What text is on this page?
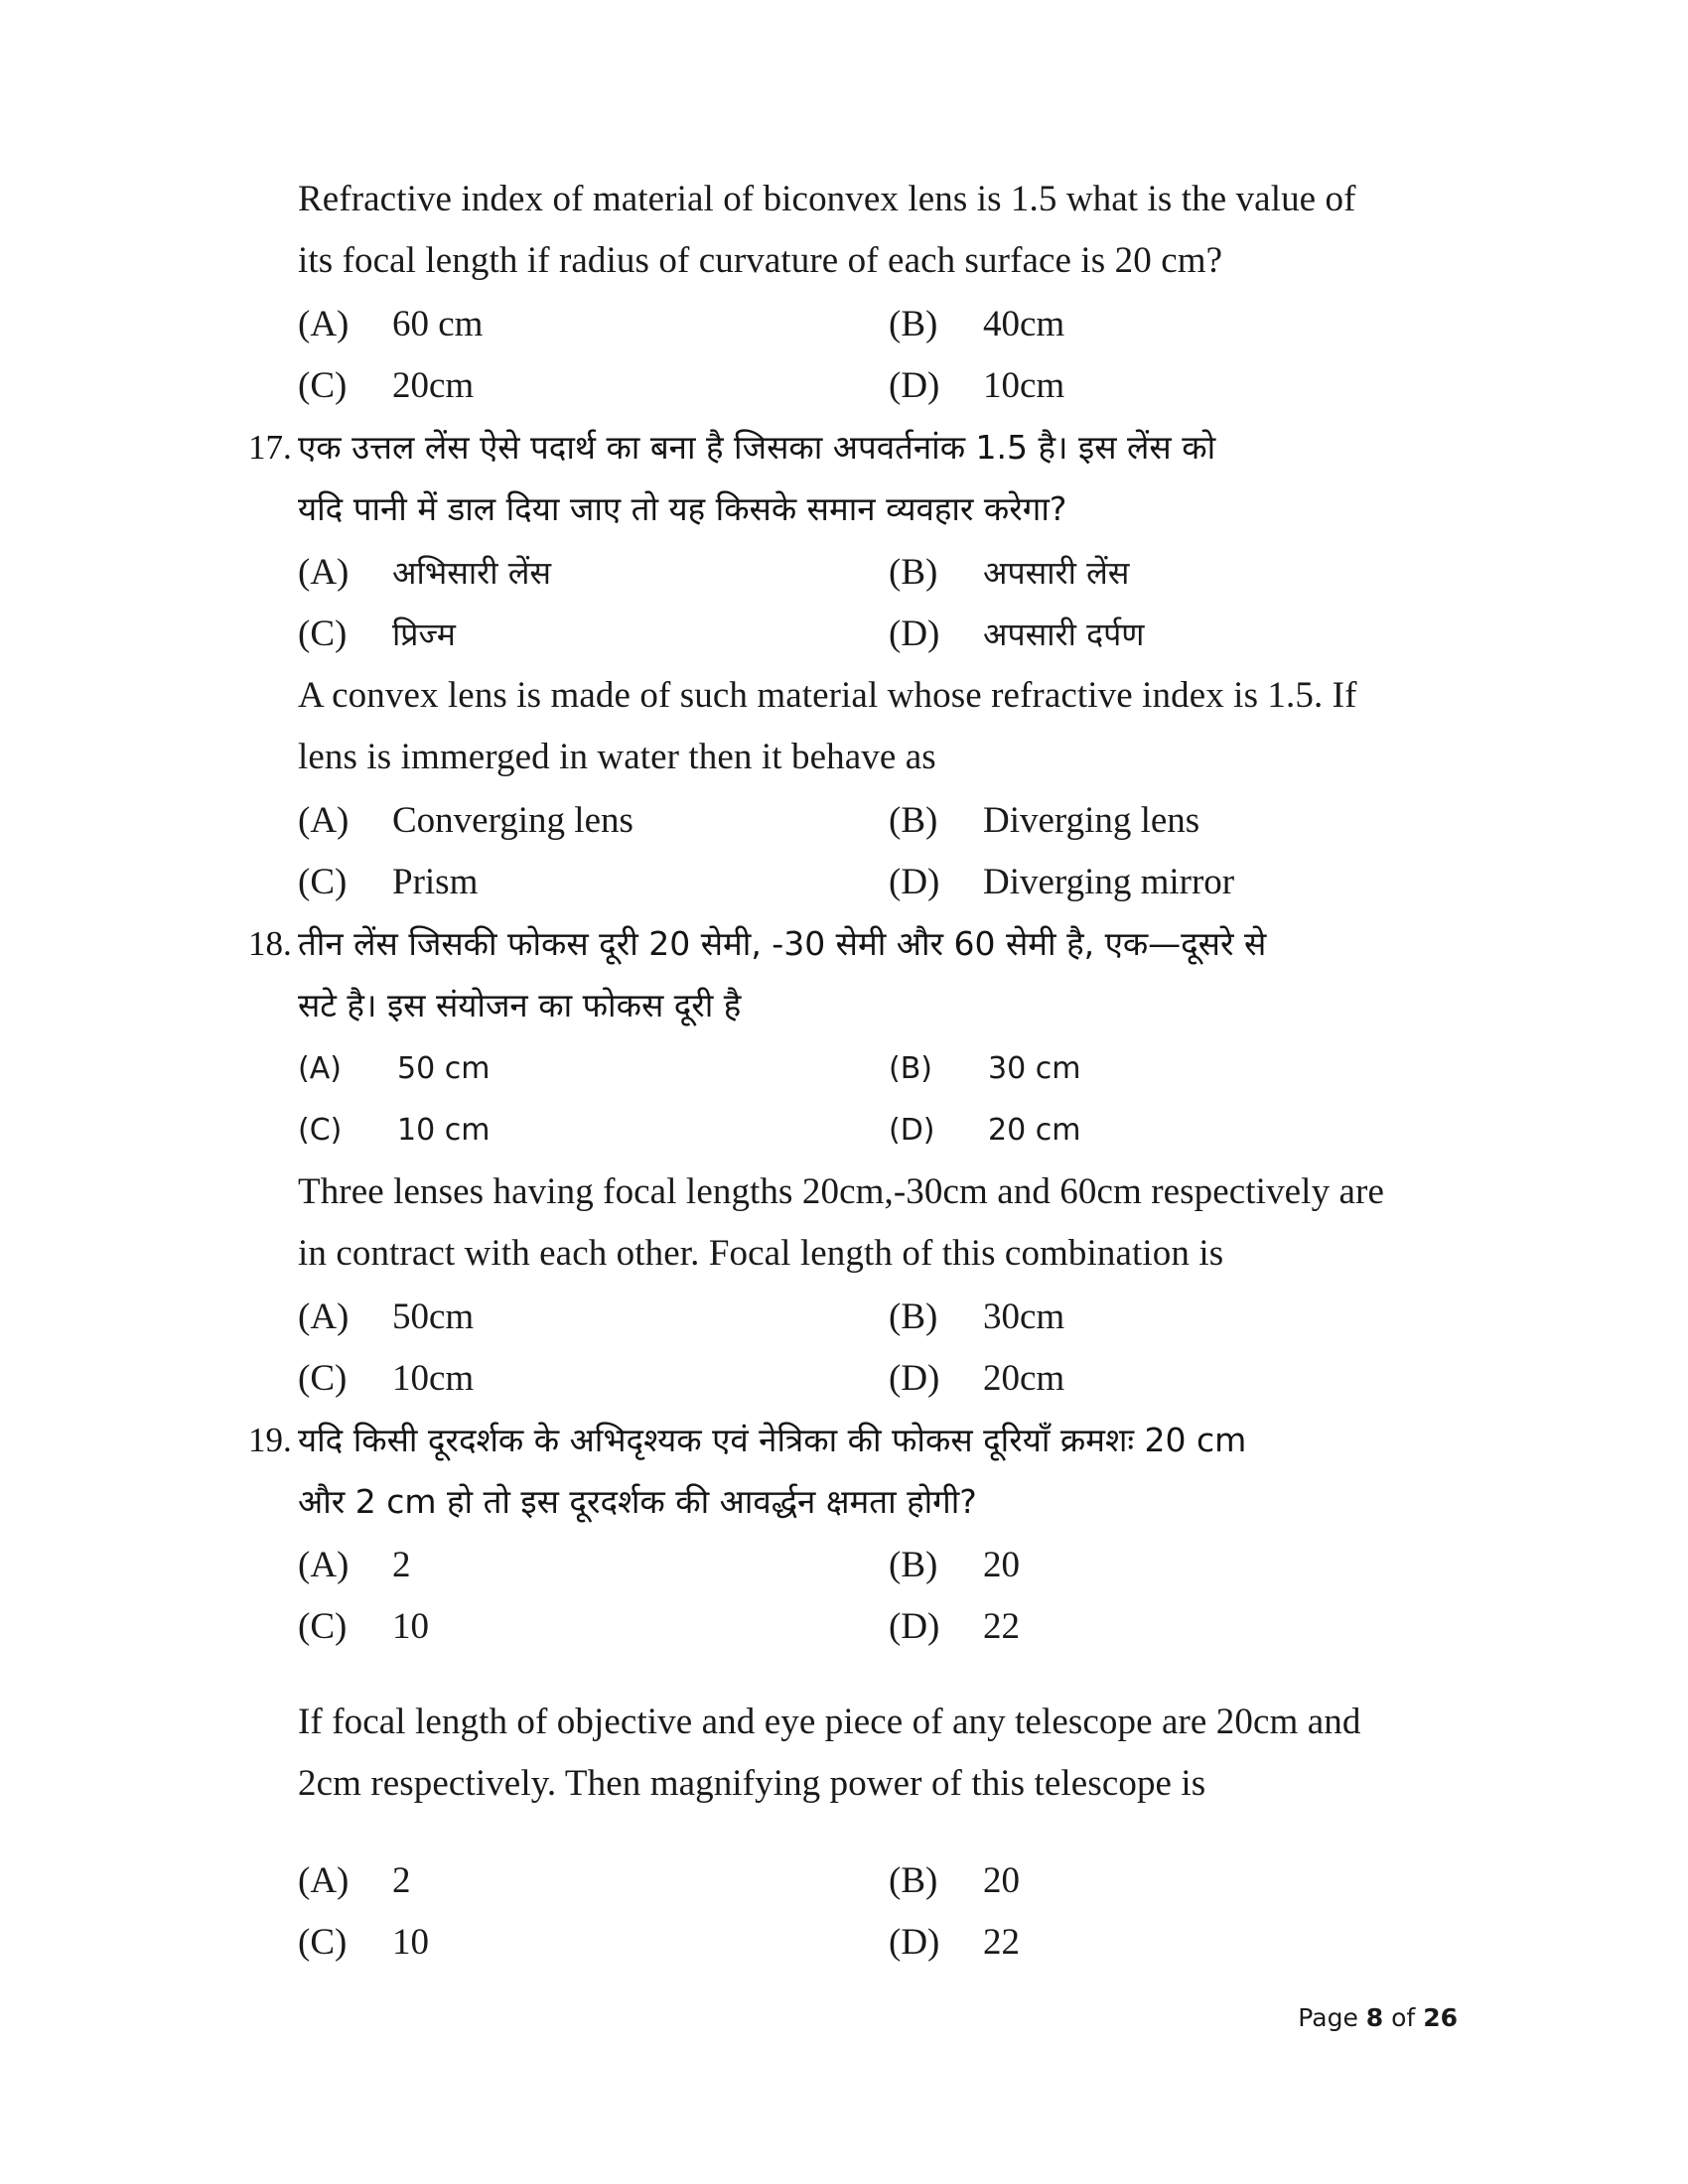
Refractive index of material of biconvex lens is 1.5 what is the value of
its focal length if radius of curvature of each surface is 20 cm?
(A)	60 cm	(B)	40cm
(C)	20cm	(D)	10cm
17. एक उत्तल लेंस ऐसे पदार्थ का बना है जिसका अपवर्तनांक 1.5 है। इस लेंस को
यदि पानी में डाल दिया जाए तो यह किसके समान व्यवहार करेगा?
(A)	अभिसारी लेंस	(B)	अपसारी लेंस
(C)	प्रिज्म	(D)	अपसारी दर्पण
A convex lens is made of such material whose refractive index is 1.5. If
lens is immerged in water then it behave as
(A)	Converging lens	(B)	Diverging lens
(C)	Prism	(D)	Diverging mirror
18. तीन लेंस जिसकी फोकस दूरी 20 सेमी, -30 सेमी और 60 सेमी है, एक—दूसरे से
सटे है। इस संयोजन का फोकस दूरी है
(A)	50 cm	(B)	30 cm
(C)	10 cm	(D)	20 cm
Three lenses having focal lengths 20cm,-30cm and 60cm respectively are
in contract with each other. Focal length of this combination is
(A)	50cm	(B)	30cm
(C)	10cm	(D)	20cm
19. यदि किसी दूरदर्शक के अभिदृश्यक एवं नेत्रिका की फोकस दूरियाँ क्रमशः 20 cm
और 2 cm हो तो इस दूरदर्शक की आवर्द्धन क्षमता होगी?
(A)	2	(B)	20
(C)	10	(D)	22
If focal length of objective and eye piece of any telescope are 20cm and
2cm respectively. Then magnifying power of this telescope is
(A)	2	(B)	20
(C)	10	(D)	22
Page 8 of 26
